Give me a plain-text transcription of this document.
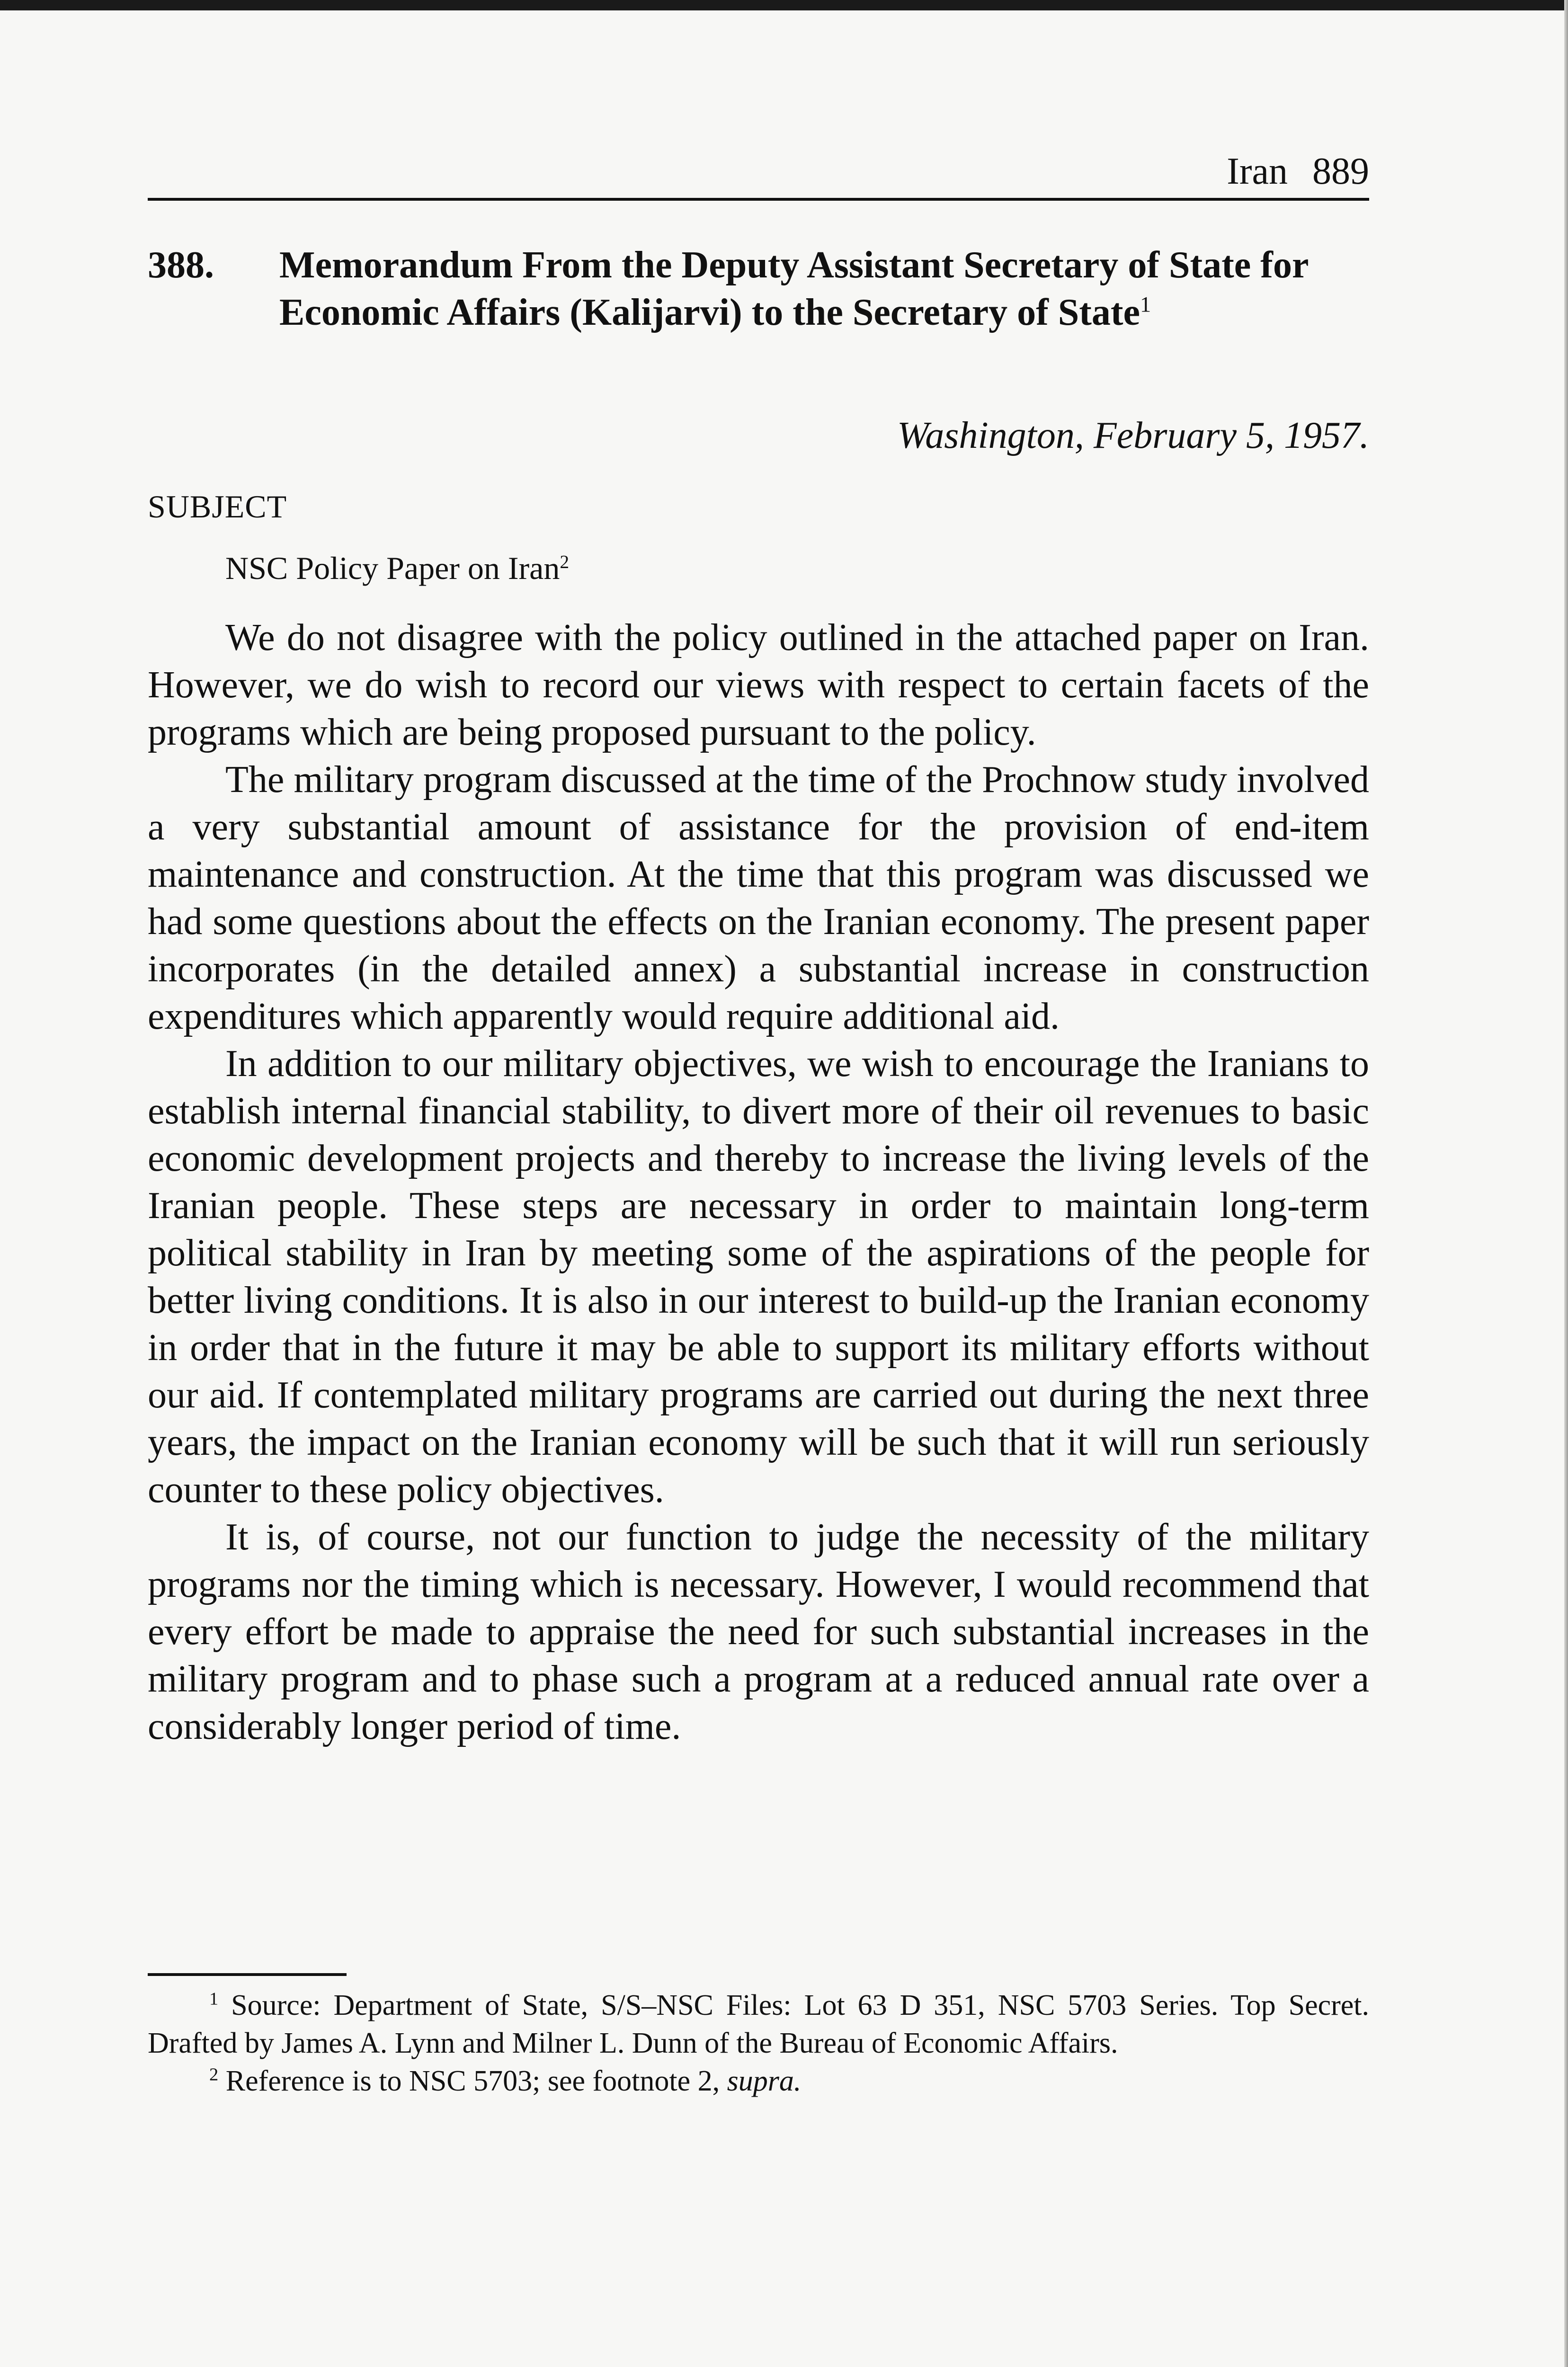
Iran 889
388. Memorandum From the Deputy Assistant Secretary of State for Economic Affairs (Kalijarvi) to the Secretary of State$^1$
Washington, February 5, 1957.
SUBJECT
NSC Policy Paper on Iran$^2$

We do not disagree with the policy outlined in the attached paper on Iran. However, we do wish to record our views with respect to certain facets of the programs which are being proposed pursuant to the policy.

The military program discussed at the time of the Prochnow study involved a very substantial amount of assistance for the provision of end-item maintenance and construction. At the time that this program was discussed we had some questions about the effects on the Iranian economy. The present paper incorporates (in the detailed annex) a substantial increase in construction expenditures which apparently would require additional aid.

In addition to our military objectives, we wish to encourage the Iranians to establish internal financial stability, to divert more of their oil revenues to basic economic development projects and thereby to increase the living levels of the Iranian people. These steps are necessary in order to maintain long-term political stability in Iran by meeting some of the aspirations of the people for better living conditions. It is also in our interest to build-up the Iranian economy in order that in the future it may be able to support its military efforts without our aid. If contemplated military programs are carried out during the next three years, the impact on the Iranian economy will be such that it will run seriously counter to these policy objectives.

It is, of course, not our function to judge the necessity of the military programs nor the timing which is necessary. However, I would recommend that every effort be made to appraise the need for such substantial increases in the military program and to phase such a program at a reduced annual rate over a considerably longer period of time.

$^1$ Source: Department of State, S/S–NSC Files: Lot 63 D 351, NSC 5703 Series. Top Secret. Drafted by James A. Lynn and Milner L. Dunn of the Bureau of Economic Affairs.

$^2$ Reference is to NSC 5703; see footnote 2, supra.
